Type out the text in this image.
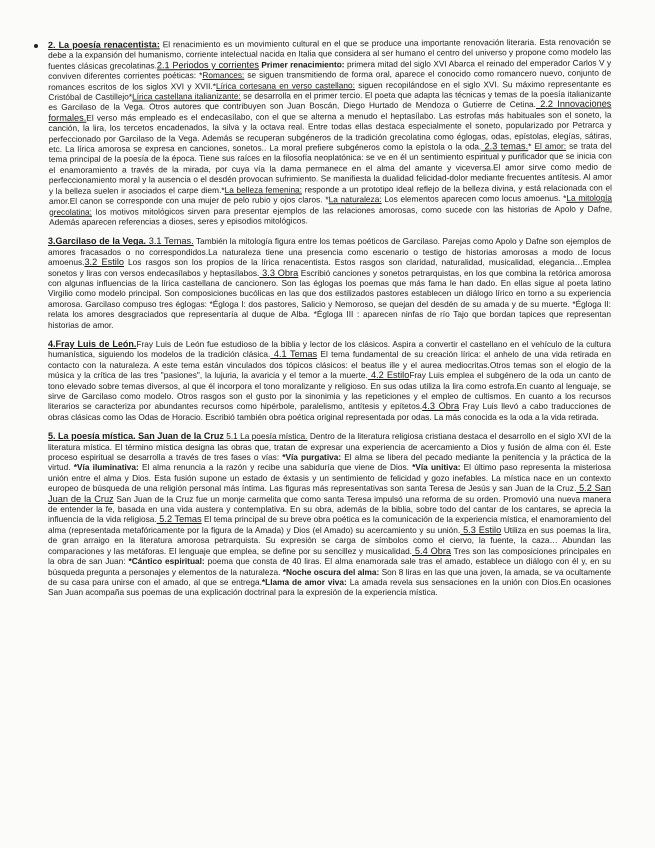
2. La poesía renacentista: El renacimiento es un movimiento cultural en el que se produce una importante renovación literaria. Esta renovación se debe a la expansión del humanismo, corriente intelectual nacida en Italia que considera al ser humano el centro del universo y propone como modelo las fuentes clásicas grecolatinas.2.1 Periodos y corrientes Primer renacimiento: primera mitad del siglo XVI Abarca el reinado del emperador Carlos V y conviven diferentes corrientes poéticas: *Romances: se siguen transmitiendo de forma oral, aparece el conocido como romancero nuevo, conjunto de romances escritos de los siglos XVI y XVII.*Lírica cortesana en verso castellano: siguen recopilándose en el siglo XVI. Su máximo representante es Cristóbal de Castillejo*Lírica castellana italianizante: se desarrolla en el primer tercio. El poeta que adapta las técnicas y temas de la poesía italianizante es Garcilaso de la Vega. Otros autores que contribuyen son Juan Boscán, Diego Hurtado de Mendoza o Gutierre de Cetina. 2.2 Innovaciones formales.El verso más empleado es el endecasílabo, con el que se alterna a menudo el heptasílabo. Las estrofas más habituales son el soneto, la canción, la lira, los tercetos encadenados, la silva y la octava real. Entre todas ellas destaca especialmente el soneto, popularizado por Petrarca y perfeccionado por Garcilaso de la Vega. Además se recuperan subgéneros de la tradición grecolatina como églogas, odas, epístolas, elegías, sátiras, etc. La lírica amorosa se expresa en canciones, sonetos.. La moral prefiere subgéneros como la epístola o la oda. 2.3 temas.* El amor: se trata del tema principal de la poesía de la época. Tiene sus raíces en la filosofía neoplatónica: se ve en él un sentimiento espiritual y purificador que se inicia con el enamoramiento a través de la mirada, por cuya vía la dama permanece en el alma del amante y viceversa.El amor sirve como medio de perfeccionamiento moral y la ausencia o el desdén provocan sufrimiento. Se manifiesta la dualidad felicidad-dolor mediante frecuentes antítesis. Al amor y la belleza suelen ir asociados el carpe diem.*La belleza femenina: responde a un prototipo ideal reflejo de la belleza divina, y está relacionada con el amor.El canon se corresponde con una mujer de pelo rubio y ojos claros. *La naturaleza: Los elementos aparecen como locus amoenus. *La mitología grecolatina: los motivos mitológicos sirven para presentar ejemplos de las relaciones amorosas, como sucede con las historias de Apolo y Dafne, Además aparecen referencias a dioses, seres y episodios mitológicos.

3.Garcilaso de la Vega. 3.1 Temas. También la mitología figura entre los temas poéticos de Garcilaso. Parejas como Apolo y Dafne son ejemplos de amores fracasados o no correspondidos.La naturaleza tiene una presencia como escenario o testigo de historias amorosas a modo de locus amoenus.3.2 Estilo Los rasgos son los propios de la lírica renacentista. Estos rasgos son claridad, naturalidad, musicalidad, elegancia…Emplea sonetos y liras con versos endecasílabos y heptasílabos. 3.3 Obra Escribió canciones y sonetos petrarquistas, en los que combina la retórica amorosa con algunas influencias de la lírica castellana de cancionero. Son las églogas los poemas que más fama le han dado. En ellas sigue al poeta latino Virgilio como modelo principal. Son composiciones bucólicas en las que dos estilizados pastores establecen un diálogo lírico en torno a su experiencia amorosa. Garcilaso compuso tres églogas: *Égloga I: dos pastores, Salicio y Nemoroso, se quejan del desdén de su amada y de su muerte. *Égloga II: relata los amores desgraciados que representaría al duque de Alba. *Égloga III : aparecen ninfas de río Tajo que bordan tapices que representan historias de amor.

4.Fray Luis de León.Fray Luis de León fue estudioso de la biblia y lector de los clásicos. Aspira a convertir el castellano en el vehículo de la cultura humanística, siguiendo los modelos de la tradición clásica. 4.1 Temas El tema fundamental de su creación lírica: el anhelo de una vida retirada en contacto con la naturaleza. A este tema están vinculados dos tópicos clásicos: el beatus ille y el aurea mediocritas.Otros temas son el elogio de la música y la crítica de las tres "pasiones", la lujuria, la avaricia y el temor a la muerte. 4.2 EstiloFray Luis emplea el subgénero de la oda un canto de tono elevado sobre temas diversos, al que él incorpora el tono moralizante y religioso. En sus odas utiliza la lira como estrofa.En cuanto al lenguaje, se sirve de Garcilaso como modelo. Otros rasgos son el gusto por la sinonimia y las repeticiones y el empleo de cultismos. En cuanto a los recursos literarios se caracteriza por abundantes recursos como hipérbole, paralelismo, antítesis y epítetos.4.3 Obra Fray Luis llevó a cabo traducciones de obras clásicas como las Odas de Horacio. Escribió también obra poética original representada por odas. La más conocida es la oda a la vida retirada.

5. La poesía mística. San Juan de la Cruz 5.1 La poesía mística. Dentro de la literatura religiosa cristiana destaca el desarrollo en el siglo XVI de la literatura mística. El término mística designa las obras que, tratan de expresar una experiencia de acercamiento a Dios y fusión de alma con él. Este proceso espiritual se desarrolla a través de tres fases o vías: *Vía purgativa: El alma se libera del pecado mediante la penitencia y la práctica de la virtud. *Vía iluminativa: El alma renuncia a la razón y recibe una sabiduría que viene de Dios. *Vía unitiva: El último paso representa la misteriosa unión entre el alma y Dios. Esta fusión supone un estado de éxtasis y un sentimiento de felicidad y gozo inefables. La mística nace en un contexto europeo de búsqueda de una religión personal más íntima. Las figuras más representativas son santa Teresa de Jesús y san Juan de la Cruz. 5.2 San Juan de la Cruz San Juan de la Cruz fue un monje carmelita que como santa Teresa impulsó una reforma de su orden. Promovió una nueva manera de entender la fe, basada en una vida austera y contemplativa. En su obra, además de la biblia, sobre todo del cantar de los cantares, se aprecia la influencia de la vida religiosa. 5.2 Temas El tema principal de su breve obra poética es la comunicación de la experiencia mística, el enamoramiento del alma (representada metafóricamente por la figura de la Amada) y Dios (el Amado) su acercamiento y su unión. 5.3 Estilo Utiliza en sus poemas la lira, de gran arraigo en la literatura amorosa petrarquista. Su expresión se carga de símbolos como el ciervo, la fuente, la caza… Abundan las comparaciones y las metáforas. El lenguaje que emplea, se define por su sencillez y musicalidad. 5.4 Obra Tres son las composiciones principales en la obra de san Juan: *Cántico espiritual: poema que consta de 40 liras. El alma enamorada sale tras el amado, establece un diálogo con él y, en su búsqueda pregunta a personajes y elementos de la naturaleza. *Noche oscura del alma: Son 8 liras en las que una joven, la amada, se va ocultamente de su casa para unirse con el amado, al que se entrega.*Llama de amor viva: La amada revela sus sensaciones en la unión con Dios.En ocasiones San Juan acompaña sus poemas de una explicación doctrinal para la expresión de la experiencia mística.
